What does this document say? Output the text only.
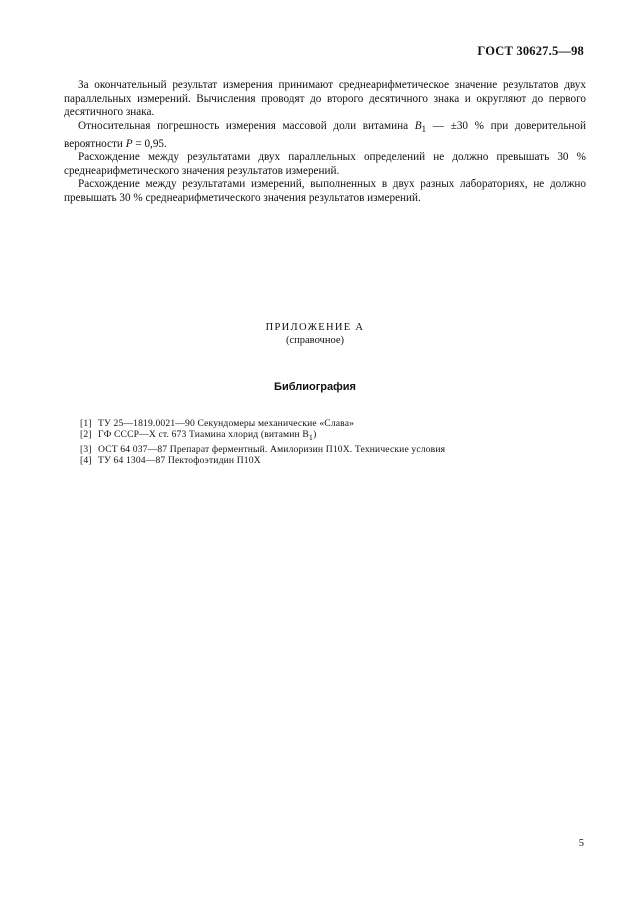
ГОСТ 30627.5—98

За окончательный результат измерения принимают среднеарифметическое значение результатов двух параллельных измерений. Вычисления проводят до второго десятичного знака и округляют до первого десятичного знака.

Относительная погрешность измерения массовой доли витамина $B_1$ — ±30 % при доверительной вероятности P = 0,95.

Расхождение между результатами двух параллельных определений не должно превышать 30 % среднеарифметического значения результатов измерений.

Расхождение между результатами измерений, выполненных в двух разных лабораториях, не должно превышать 30 % среднеарифметического значения результатов измерений.

ПРИЛОЖЕНИЕ А
(справочное)
Библиография
[1] ТУ 25—1819.0021—90 Секундомеры механические «Слава»
[2] ГФ СССР—X ст. 673 Тиамина хлорид (витамин $B_1$)
[3] ОСТ 64 037—87 Препарат ферментный. Амилоризин П10Х. Технические условия
[4] ТУ 64 1304—87 Пектофоэтидин П10Х
5
